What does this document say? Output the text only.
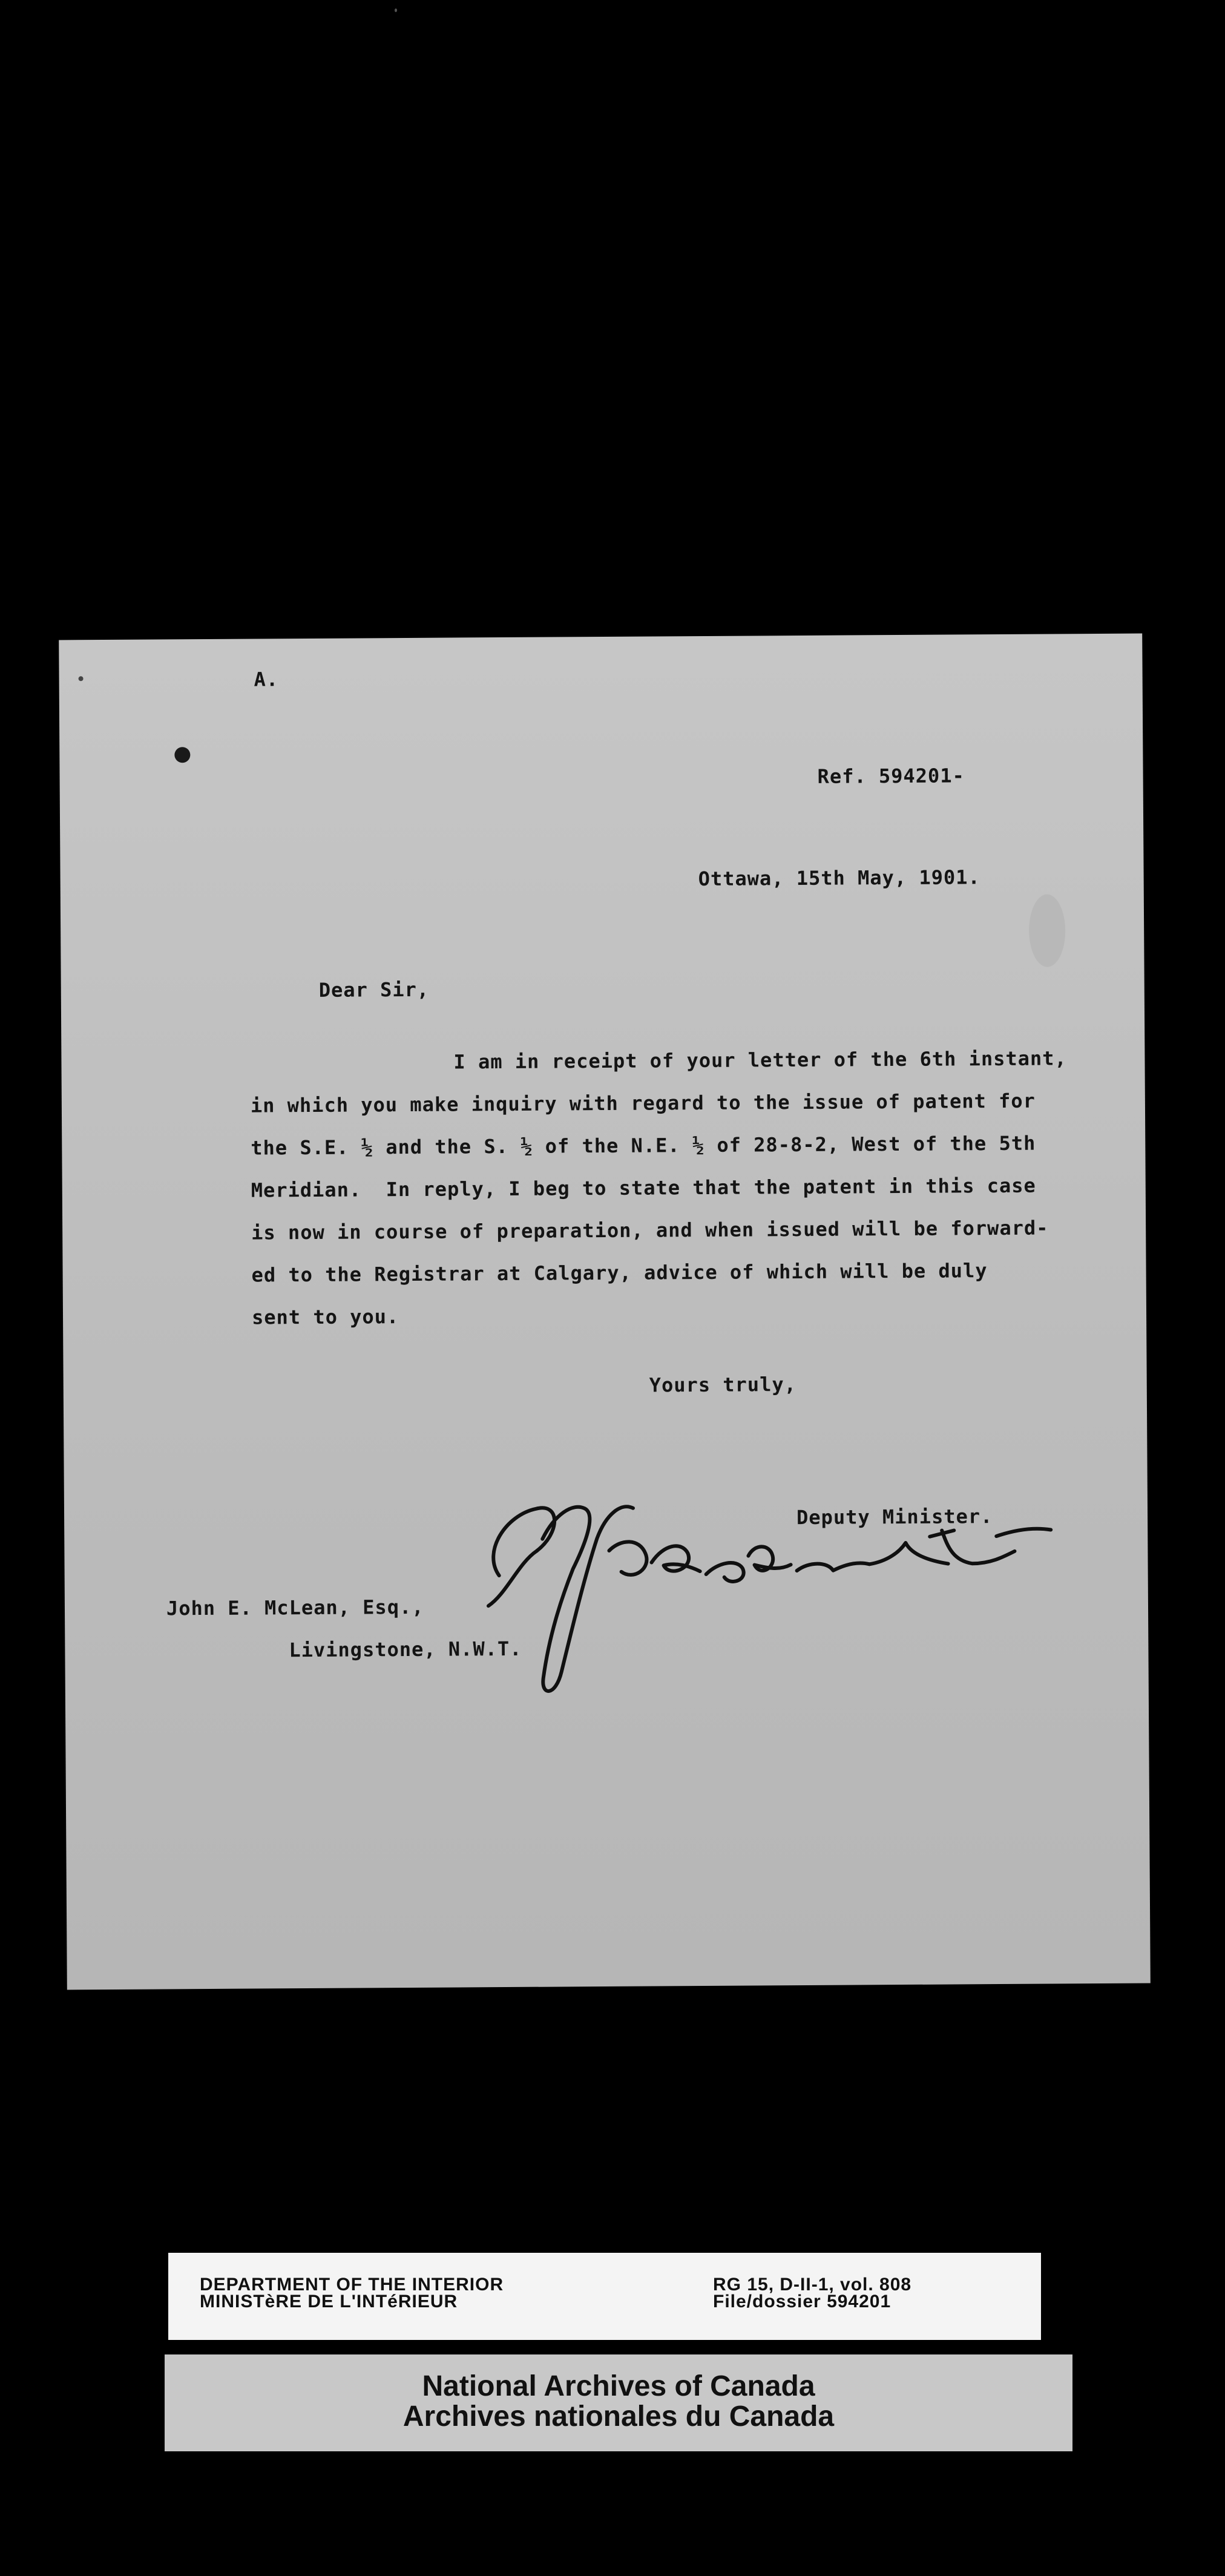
A.
Ref. 594201-
Ottawa, 15th May, 1901.
Dear Sir,
I am in receipt of your letter of the 6th instant,
in which you make inquiry with regard to the issue of patent for
the S.E. ½ and the S. ½ of the N.E. ½ of 28-8-2, West of the 5th
Meridian.  In reply, I beg to state that the patent in this case
is now in course of preparation, and when issued will be forward-
ed to the Registrar at Calgary, advice of which will be duly
sent to you.
Yours truly,
Deputy Minister.
John E. McLean, Esq.,
Livingstone, N.W.T.
DEPARTMENT OF THE INTERIOR
MINISTèRE DE L'INTéRIEUR
RG 15, D-II-1, vol. 808
File/dossier 594201
National Archives of Canada
Archives nationales du Canada
